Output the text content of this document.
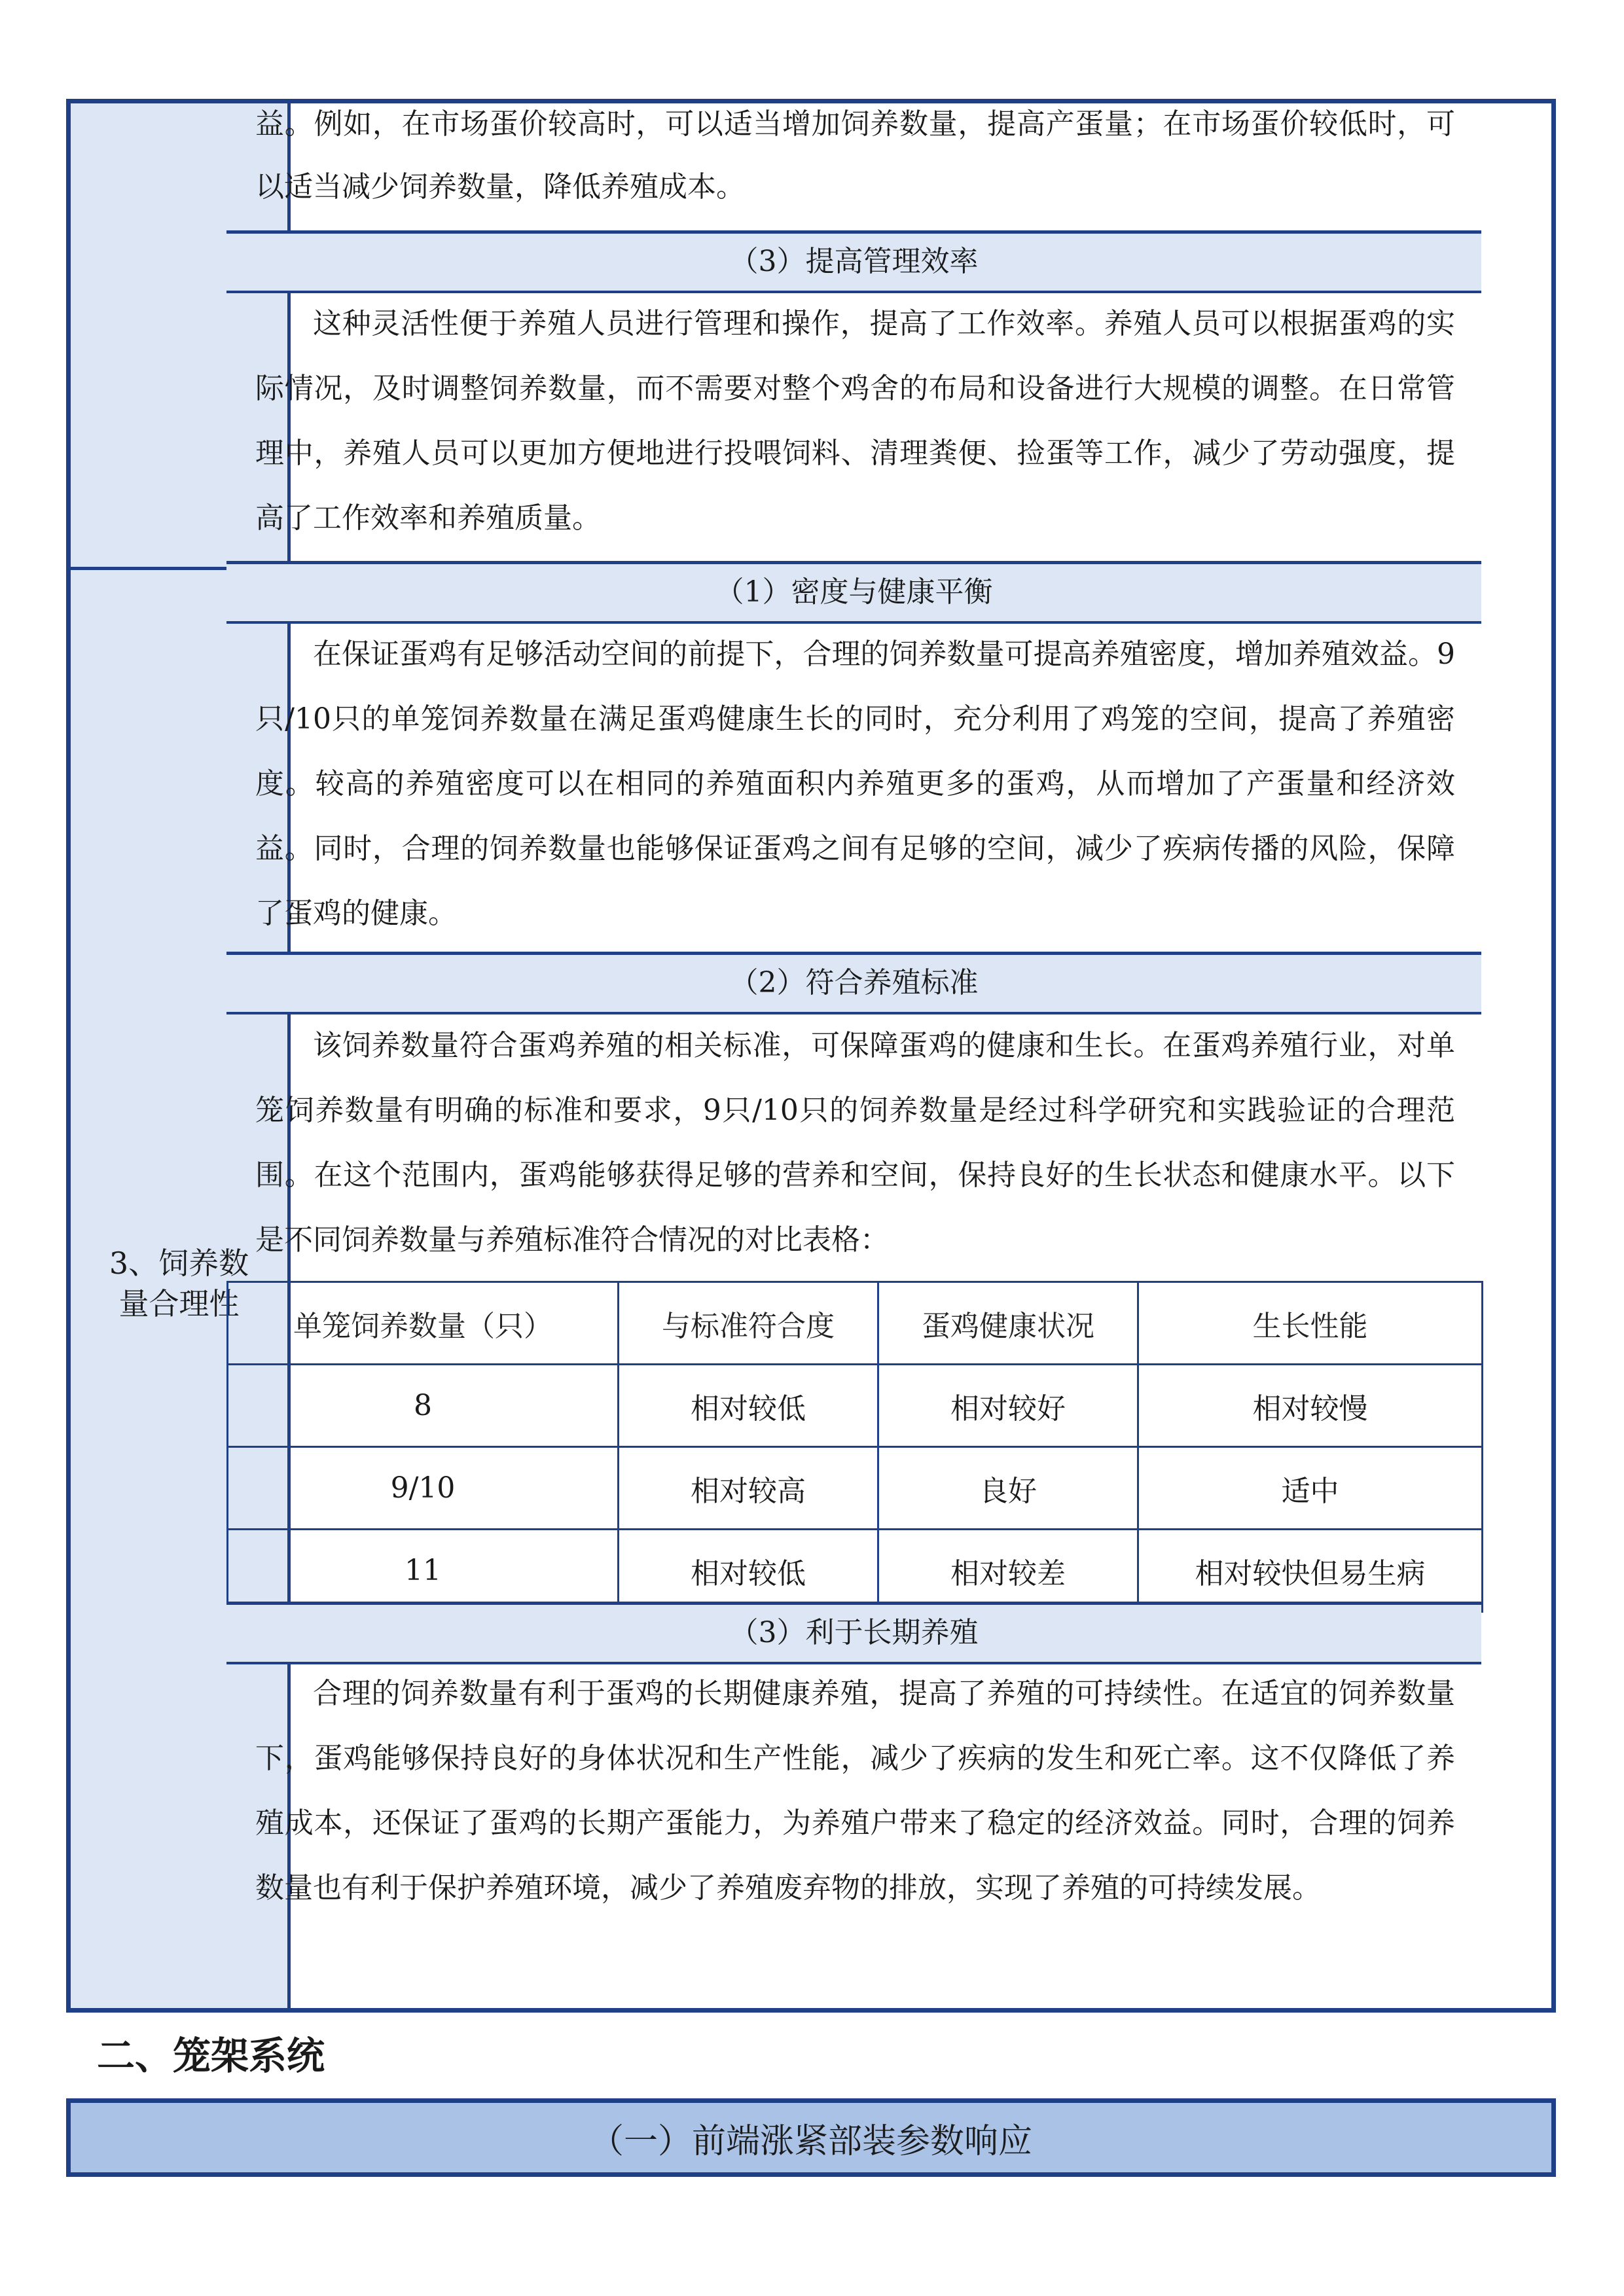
3、饲养数
量合理性
益。例如，在市场蛋价较高时，可以适当增加饲养数量，提高产蛋量；在市场蛋价较低时，可以适当减少饲养数量，降低养殖成本。
（3）提高管理效率
这种灵活性便于养殖人员进行管理和操作，提高了工作效率。养殖人员可以根据蛋鸡的实际情况，及时调整饲养数量，而不需要对整个鸡舍的布局和设备进行大规模的调整。在日常管理中，养殖人员可以更加方便地进行投喂饲料、清理粪便、捡蛋等工作，减少了劳动强度，提高了工作效率和养殖质量。
（1）密度与健康平衡
在保证蛋鸡有足够活动空间的前提下，合理的饲养数量可提高养殖密度，增加养殖效益。9只/10只的单笼饲养数量在满足蛋鸡健康生长的同时，充分利用了鸡笼的空间，提高了养殖密度。较高的养殖密度可以在相同的养殖面积内养殖更多的蛋鸡，从而增加了产蛋量和经济效益。同时，合理的饲养数量也能够保证蛋鸡之间有足够的空间，减少了疾病传播的风险，保障了蛋鸡的健康。
（2）符合养殖标准
该饲养数量符合蛋鸡养殖的相关标准，可保障蛋鸡的健康和生长。在蛋鸡养殖行业，对单笼饲养数量有明确的标准和要求，9只/10只的饲养数量是经过科学研究和实践验证的合理范围。在这个范围内，蛋鸡能够获得足够的营养和空间，保持良好的生长状态和健康水平。以下是不同饲养数量与养殖标准符合情况的对比表格：
单笼饲养数量（只）	与标准符合度	蛋鸡健康状况	生长性能
8	相对较低	相对较好	相对较慢
9/10	相对较高	良好	适中
11	相对较低	相对较差	相对较快但易生病
（3）利于长期养殖
合理的饲养数量有利于蛋鸡的长期健康养殖，提高了养殖的可持续性。在适宜的饲养数量下，蛋鸡能够保持良好的身体状况和生产性能，减少了疾病的发生和死亡率。这不仅降低了养殖成本，还保证了蛋鸡的长期产蛋能力，为养殖户带来了稳定的经济效益。同时，合理的饲养数量也有利于保护养殖环境，减少了养殖废弃物的排放，实现了养殖的可持续发展。
二、笼架系统
（一）前端涨紧部装参数响应
